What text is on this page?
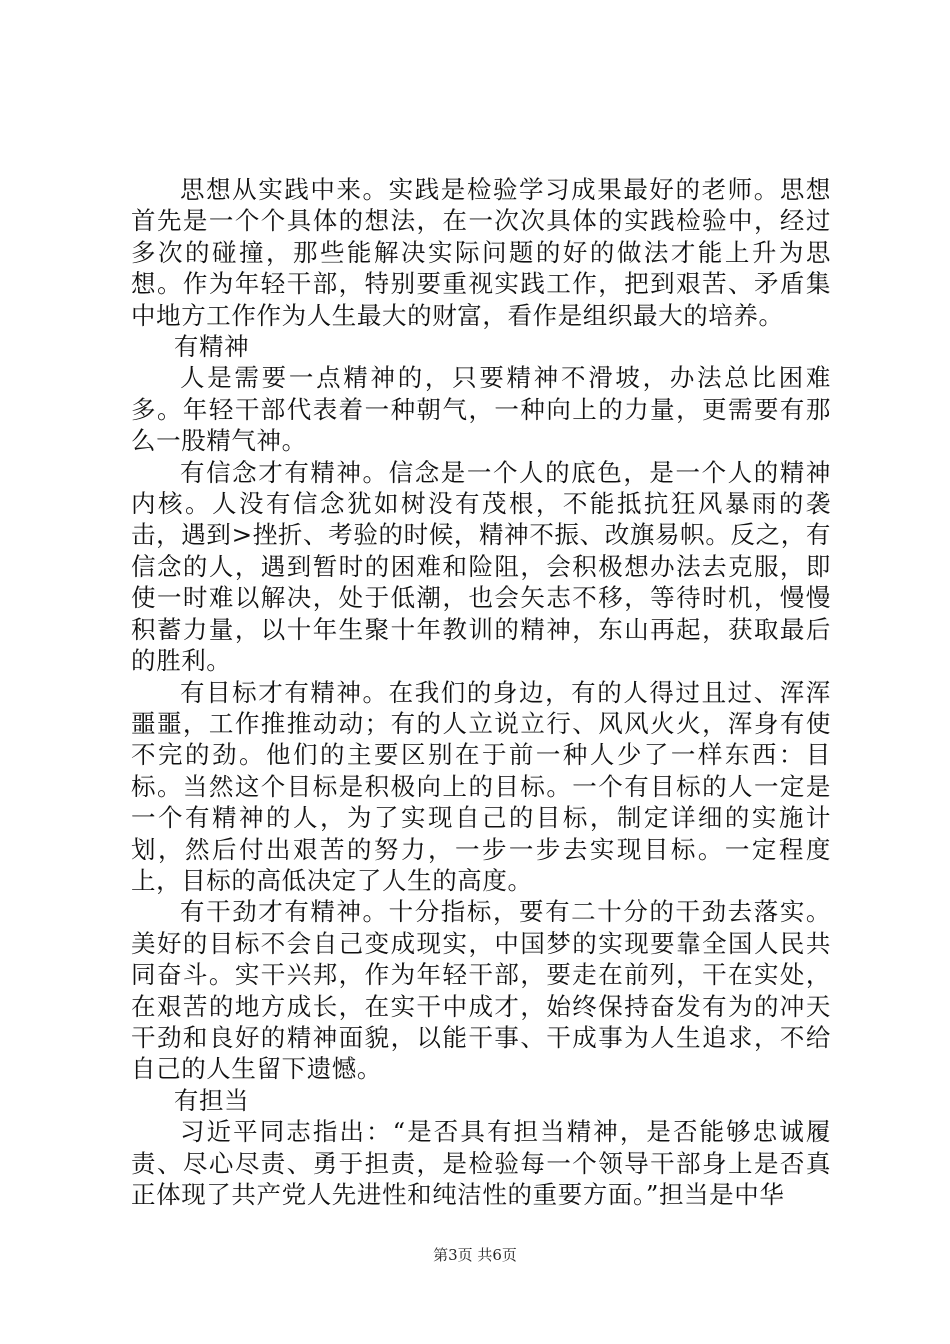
思想从实践中来。实践是检验学习成果最好的老师。思想首先是一个个具体的想法，在一次次具体的实践检验中，经过多次的碰撞，那些能解决实际问题的好的做法才能上升为思想。作为年轻干部，特别要重视实践工作，把到艰苦、矛盾集中地方工作作为人生最大的财富，看作是组织最大的培养。

有精神

人是需要一点精神的，只要精神不滑坡，办法总比困难多。年轻干部代表着一种朝气，一种向上的力量，更需要有那么一股精气神。

有信念才有精神。信念是一个人的底色，是一个人的精神内核。人没有信念犹如树没有茂根，不能抵抗狂风暴雨的袭击，遇到>挫折、考验的时候，精神不振、改旗易帜。反之，有信念的人，遇到暂时的困难和险阻，会积极想办法去克服，即使一时难以解决，处于低潮，也会矢志不移，等待时机，慢慢积蓄力量，以十年生聚十年教训的精神，东山再起，获取最后的胜利。

有目标才有精神。在我们的身边，有的人得过且过、浑浑噩噩，工作推推动动；有的人立说立行、风风火火，浑身有使不完的劲。他们的主要区别在于前一种人少了一样东西：目标。当然这个目标是积极向上的目标。一个有目标的人一定是一个有精神的人，为了实现自己的目标，制定详细的实施计划，然后付出艰苦的努力，一步一步去实现目标。一定程度上，目标的高低决定了人生的高度。

有干劲才有精神。十分指标，要有二十分的干劲去落实。美好的目标不会自己变成现实，中国梦的实现要靠全国人民共同奋斗。实干兴邦，作为年轻干部，要走在前列，干在实处，在艰苦的地方成长，在实干中成才，始终保持奋发有为的冲天干劲和良好的精神面貌，以能干事、干成事为人生追求，不给自己的人生留下遗憾。

有担当

习近平同志指出：“是否具有担当精神，是否能够忠诚履责、尽心尽责、勇于担责，是检验每一个领导干部身上是否真正体现了共产党人先进性和纯洁性的重要方面。”担当是中华

第3页 共6页
